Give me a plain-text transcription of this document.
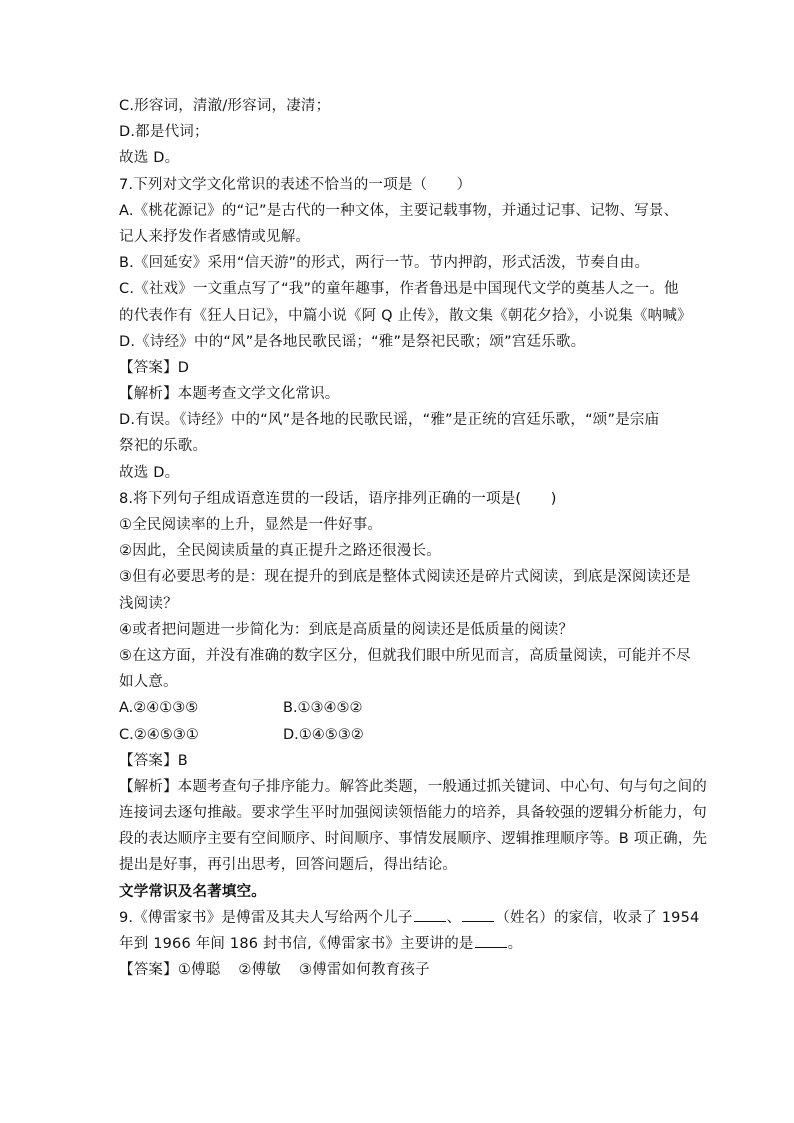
C.形容词，清澈/形容词，凄清；
D.都是代词；
故选 D。
7.下列对文学文化常识的表述不恰当的一项是（　　）
A.《桃花源记》的“记”是古代的一种文体，主要记载事物，并通过记事、记物、写景、
记人来抒发作者感情或见解。
B.《回延安》采用“信天游”的形式，两行一节。节内押韵，形式活泼，节奏自由。
C.《社戏》一文重点写了“我”的童年趣事，作者鲁迅是中国现代文学的奠基人之一。他
的代表作有《狂人日记》，中篇小说《阿 Q 止传》，散文集《朝花夕拾》，小说集《呐喊》
D.《诗经》中的“风”是各地民歌民谣；“雅”是祭祀民歌；颂”宫廷乐歌。
【答案】D
【解析】本题考查文学文化常识。
D.有误。《诗经》中的“风”是各地的民歌民谣，“雅”是正统的宫廷乐歌，“颂”是宗庙
祭祀的乐歌。
故选 D。
8.将下列句子组成语意连贯的一段话，语序排列正确的一项是(　　)
①全民阅读率的上升，显然是一件好事。
②因此，全民阅读质量的真正提升之路还很漫长。
③但有必要思考的是：现在提升的到底是整体式阅读还是碎片式阅读，到底是深阅读还是
浅阅读？
④或者把问题进一步简化为：到底是高质量的阅读还是低质量的阅读？
⑤在这方面，并没有准确的数字区分，但就我们眼中所见而言，高质量阅读，可能并不尽
如人意。
A.②④①③⑤	B.①③④⑤②
C.②④⑤③①	D.①④⑤③②
【答案】B
【解析】本题考查句子排序能力。解答此类题，一般通过抓关键词、中心句、句与句之间的
连接词去逐句推敲。要求学生平时加强阅读领悟能力的培养，具备较强的逻辑分析能力，句
段的表达顺序主要有空间顺序、时间顺序、事情发展顺序、逻辑推理顺序等。B 项正确，先
提出是好事，再引出思考，回答问题后，得出结论。
文学常识及名著填空。
9.《傅雷家书》是傅雷及其夫人写给两个儿子 、 （姓名）的家信，收录了 1954
年到 1966 年间 186 封书信,《傅雷家书》主要讲的是 。
【答案】①傅聪 ②傅敏 ③傅雷如何教育孩子
